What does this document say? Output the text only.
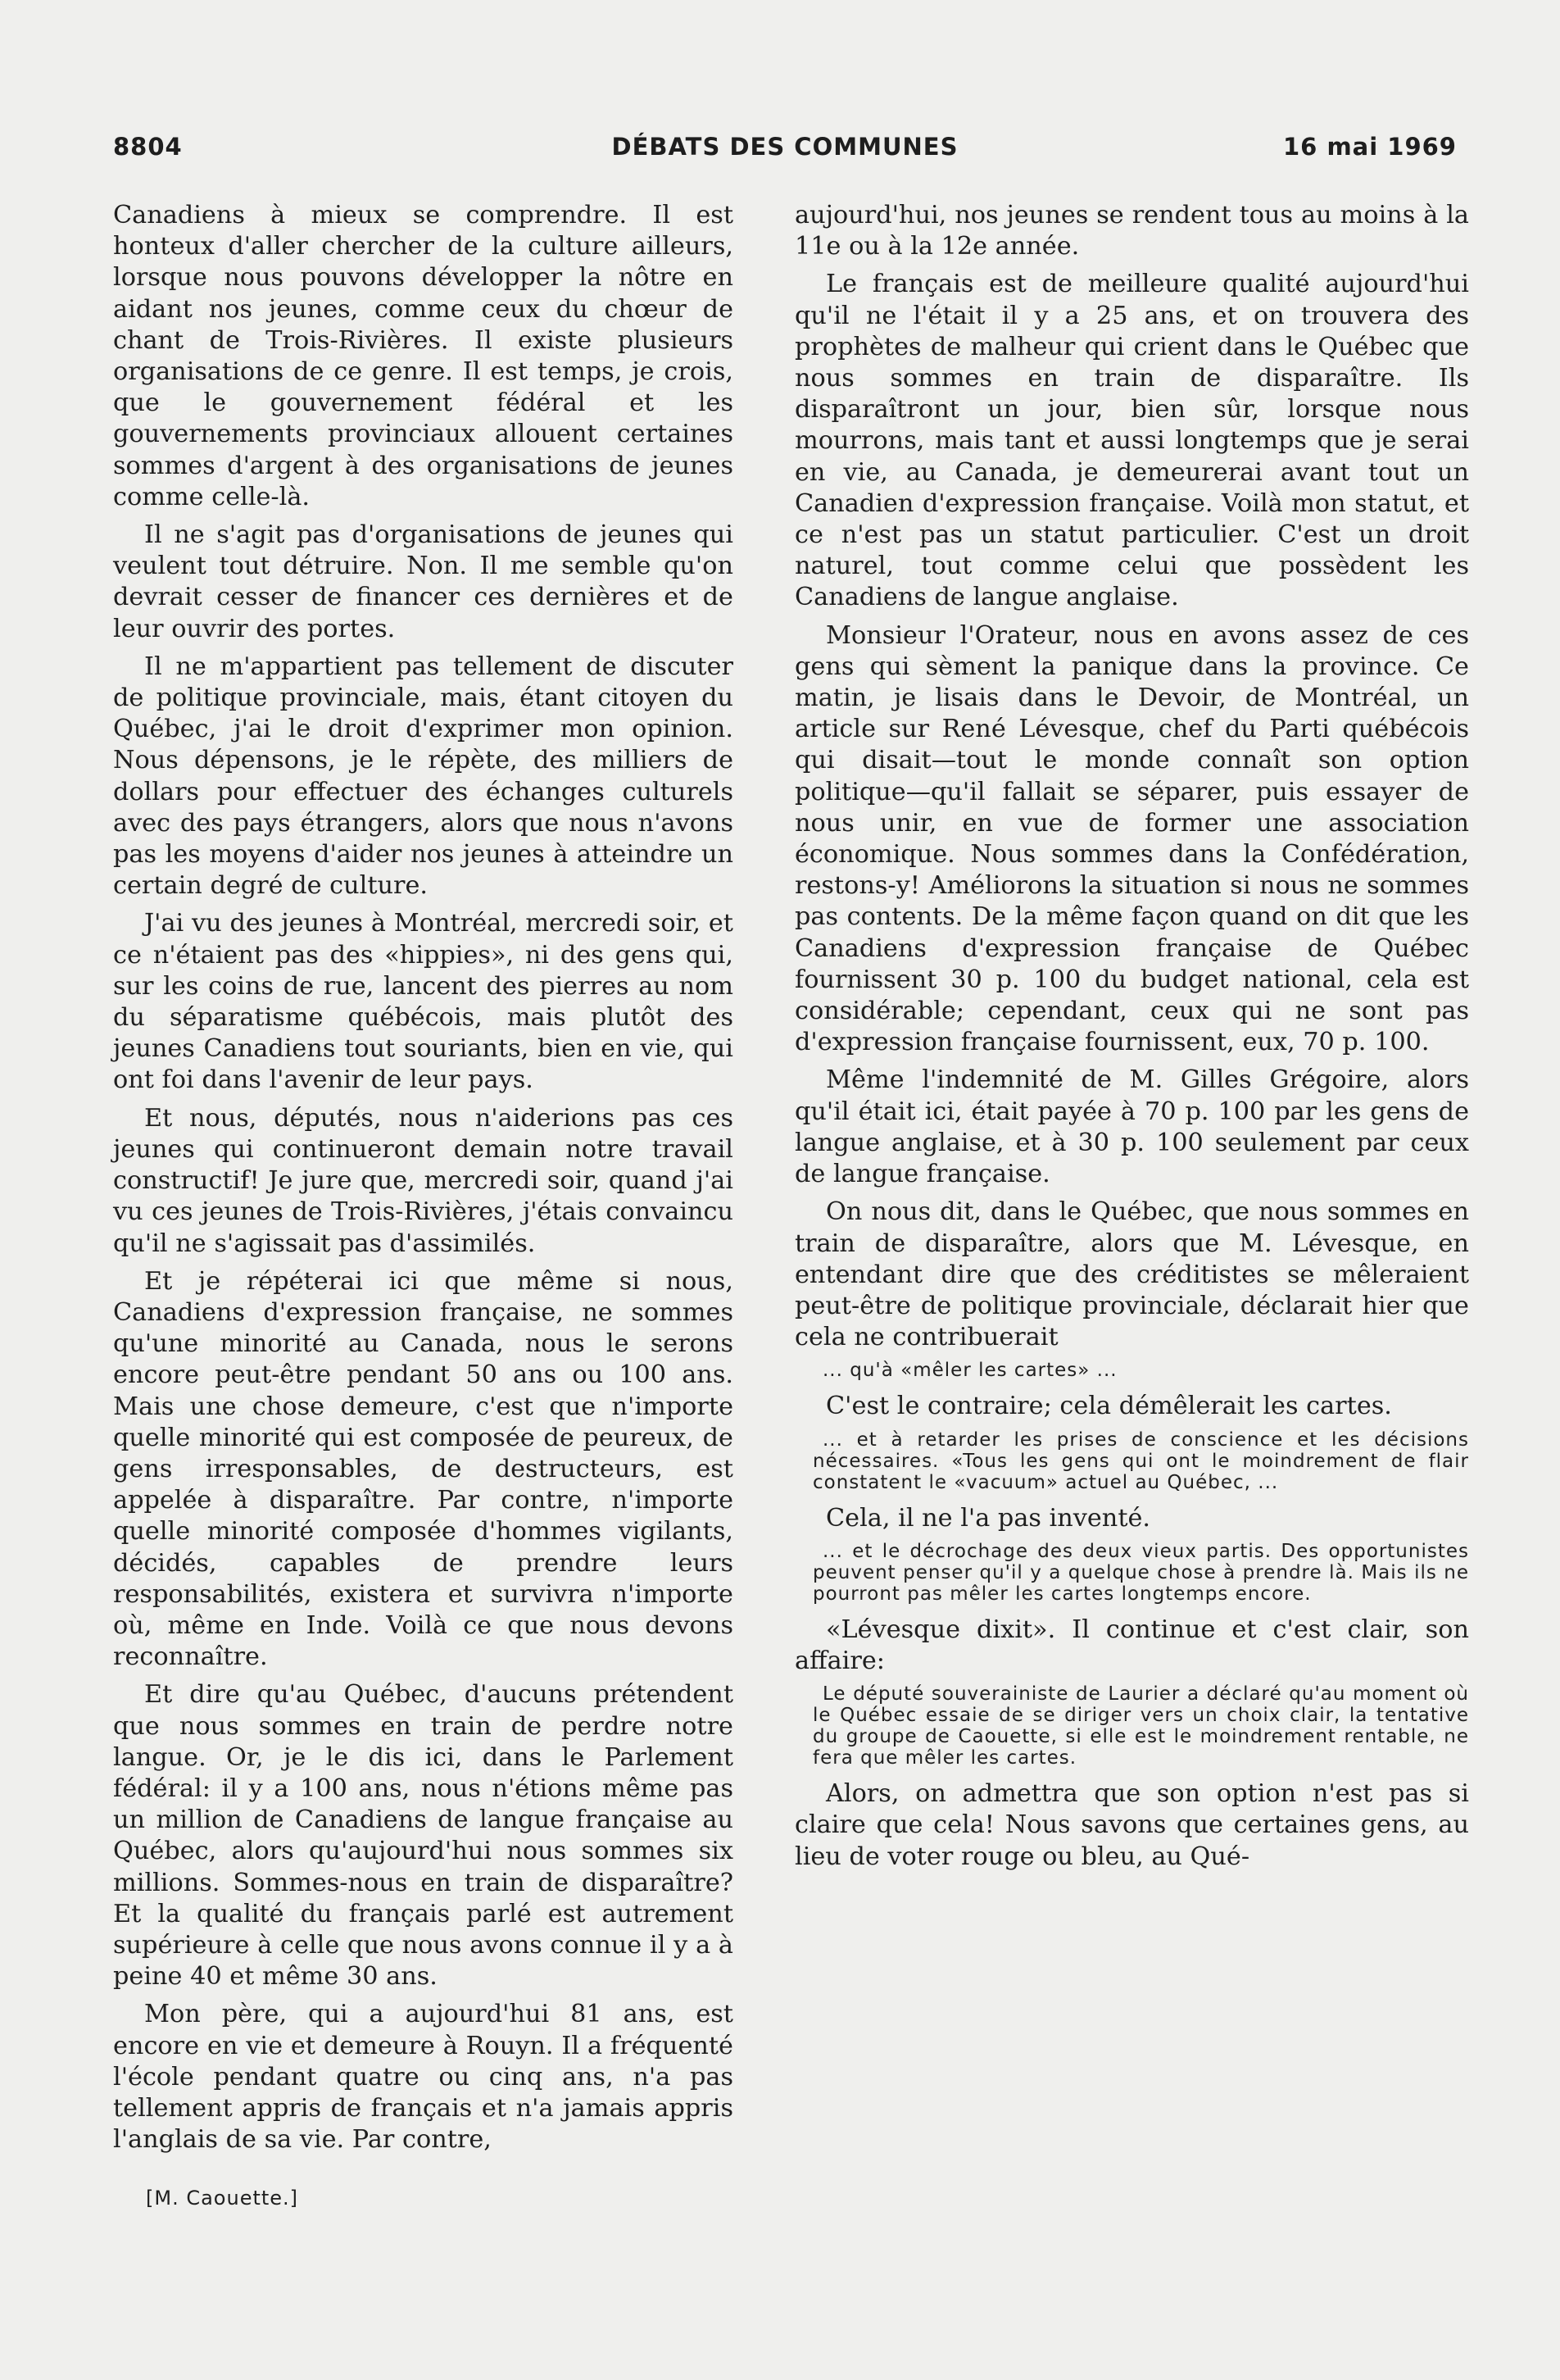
8804	DÉBATS DES COMMUNES	16 mai 1969

Canadiens à mieux se comprendre. Il est honteux d'aller chercher de la culture ailleurs, lorsque nous pouvons développer la nôtre en aidant nos jeunes, comme ceux du chœur de chant de Trois-Rivières. Il existe plusieurs organisations de ce genre. Il est temps, je crois, que le gouvernement fédéral et les gouvernements provinciaux allouent certaines sommes d'argent à des organisations de jeunes comme celle-là.

Il ne s'agit pas d'organisations de jeunes qui veulent tout détruire. Non. Il me semble qu'on devrait cesser de financer ces dernières et de leur ouvrir des portes.

Il ne m'appartient pas tellement de discuter de politique provinciale, mais, étant citoyen du Québec, j'ai le droit d'exprimer mon opinion. Nous dépensons, je le répète, des milliers de dollars pour effectuer des échanges culturels avec des pays étrangers, alors que nous n'avons pas les moyens d'aider nos jeunes à atteindre un certain degré de culture.

J'ai vu des jeunes à Montréal, mercredi soir, et ce n'étaient pas des «hippies», ni des gens qui, sur les coins de rue, lancent des pierres au nom du séparatisme québécois, mais plutôt des jeunes Canadiens tout souriants, bien en vie, qui ont foi dans l'avenir de leur pays.

Et nous, députés, nous n'aiderions pas ces jeunes qui continueront demain notre travail constructif! Je jure que, mercredi soir, quand j'ai vu ces jeunes de Trois-Rivières, j'étais convaincu qu'il ne s'agissait pas d'assimilés.

Et je répéterai ici que même si nous, Canadiens d'expression française, ne sommes qu'une minorité au Canada, nous le serons encore peut-être pendant 50 ans ou 100 ans. Mais une chose demeure, c'est que n'importe quelle minorité qui est composée de peureux, de gens irresponsables, de destructeurs, est appelée à disparaître. Par contre, n'importe quelle minorité composée d'hommes vigilants, décidés, capables de prendre leurs responsabilités, existera et survivra n'importe où, même en Inde. Voilà ce que nous devons reconnaître.

Et dire qu'au Québec, d'aucuns prétendent que nous sommes en train de perdre notre langue. Or, je le dis ici, dans le Parlement fédéral: il y a 100 ans, nous n'étions même pas un million de Canadiens de langue française au Québec, alors qu'aujourd'hui nous sommes six millions. Sommes-nous en train de disparaître? Et la qualité du français parlé est autrement supérieure à celle que nous avons connue il y a à peine 40 et même 30 ans.

Mon père, qui a aujourd'hui 81 ans, est encore en vie et demeure à Rouyn. Il a fréquenté l'école pendant quatre ou cinq ans, n'a pas tellement appris de français et n'a jamais appris l'anglais de sa vie. Par contre,

aujourd'hui, nos jeunes se rendent tous au moins à la 11e ou à la 12e année.

Le français est de meilleure qualité aujourd'hui qu'il ne l'était il y a 25 ans, et on trouvera des prophètes de malheur qui crient dans le Québec que nous sommes en train de disparaître. Ils disparaîtront un jour, bien sûr, lorsque nous mourrons, mais tant et aussi longtemps que je serai en vie, au Canada, je demeurerai avant tout un Canadien d'expression française. Voilà mon statut, et ce n'est pas un statut particulier. C'est un droit naturel, tout comme celui que possèdent les Canadiens de langue anglaise.

Monsieur l'Orateur, nous en avons assez de ces gens qui sèment la panique dans la province. Ce matin, je lisais dans le Devoir, de Montréal, un article sur René Lévesque, chef du Parti québécois qui disait—tout le monde connaît son option politique—qu'il fallait se séparer, puis essayer de nous unir, en vue de former une association économique. Nous sommes dans la Confédération, restons-y! Améliorons la situation si nous ne sommes pas contents. De la même façon quand on dit que les Canadiens d'expression française de Québec fournissent 30 p. 100 du budget national, cela est considérable; cependant, ceux qui ne sont pas d'expression française fournissent, eux, 70 p. 100.

Même l'indemnité de M. Gilles Grégoire, alors qu'il était ici, était payée à 70 p. 100 par les gens de langue anglaise, et à 30 p. 100 seulement par ceux de langue française.

On nous dit, dans le Québec, que nous sommes en train de disparaître, alors que M. Lévesque, en entendant dire que des créditistes se mêleraient peut-être de politique provinciale, déclarait hier que cela ne contribuerait

... qu'à «mêler les cartes» ...

C'est le contraire; cela démêlerait les cartes.

... et à retarder les prises de conscience et les décisions nécessaires. «Tous les gens qui ont le moindrement de flair constatent le «vacuum» actuel au Québec, ...

Cela, il ne l'a pas inventé.

... et le décrochage des deux vieux partis. Des opportunistes peuvent penser qu'il y a quelque chose à prendre là. Mais ils ne pourront pas mêler les cartes longtemps encore.

«Lévesque dixit». Il continue et c'est clair, son affaire:

Le député souverainiste de Laurier a déclaré qu'au moment où le Québec essaie de se diriger vers un choix clair, la tentative du groupe de Caouette, si elle est le moindrement rentable, ne fera que mêler les cartes.

Alors, on admettra que son option n'est pas si claire que cela! Nous savons que certaines gens, au lieu de voter rouge ou bleu, au Qué-

[M. Caouette.]
